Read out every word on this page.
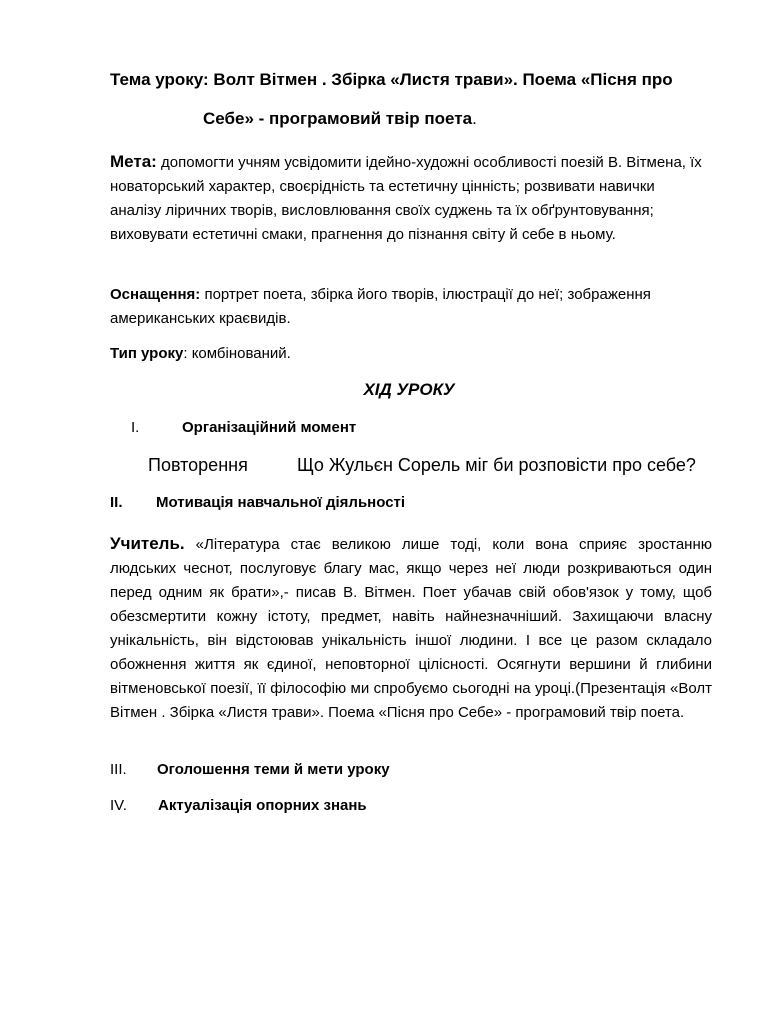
Тема уроку: Волт Вітмен . Збірка «Листя трави». Поема «Пісня про
Себе» - програмовий твір поета.
Мета: допомогти учням усвідомити ідейно-художні особливості поезій В. Вітмена, їх новаторський характер, своєрідність та естетичну цінність; розвивати навички аналізу ліричних творів, висловлювання своїх суджень та їх обґрунтовування; виховувати естетичні смаки, прагнення до пізнання світу й себе в ньому.
Оснащення: портрет поета, збірка його творів, ілюстрації до неї; зображення американських краєвидів.
Тип уроку: комбінований.
ХІД УРОКУ
I.	Організаційний момент
Повторення	Що Жульєн Сорель міг би розповісти про себе?
II. Мотивація навчальної діяльності
Учитель. «Література стає великою лише тоді, коли вона сприяє зростанню людських чеснот, послуговує благу мас, якщо через неї люди розкриваються один перед одним як брати»,- писав В. Вітмен. Поет убачав свій обов'язок у тому, щоб обезсмертити кожну істоту, предмет, навіть найнезначніший. Захищаючи власну унікальність, він відстоював унікальність іншої людини. І все це разом складало обожнення життя як єдиної, неповторної цілісності. Осягнути вершини й глибини вітменовської поезії, її філософію ми спробуємо сьогодні на уроці.(Презентація «Волт Вітмен . Збірка «Листя трави». Поема «Пісня про Себе» - програмовий твір поета.
III. Оголошення теми й мети уроку
IV. Актуалізація опорних знань
